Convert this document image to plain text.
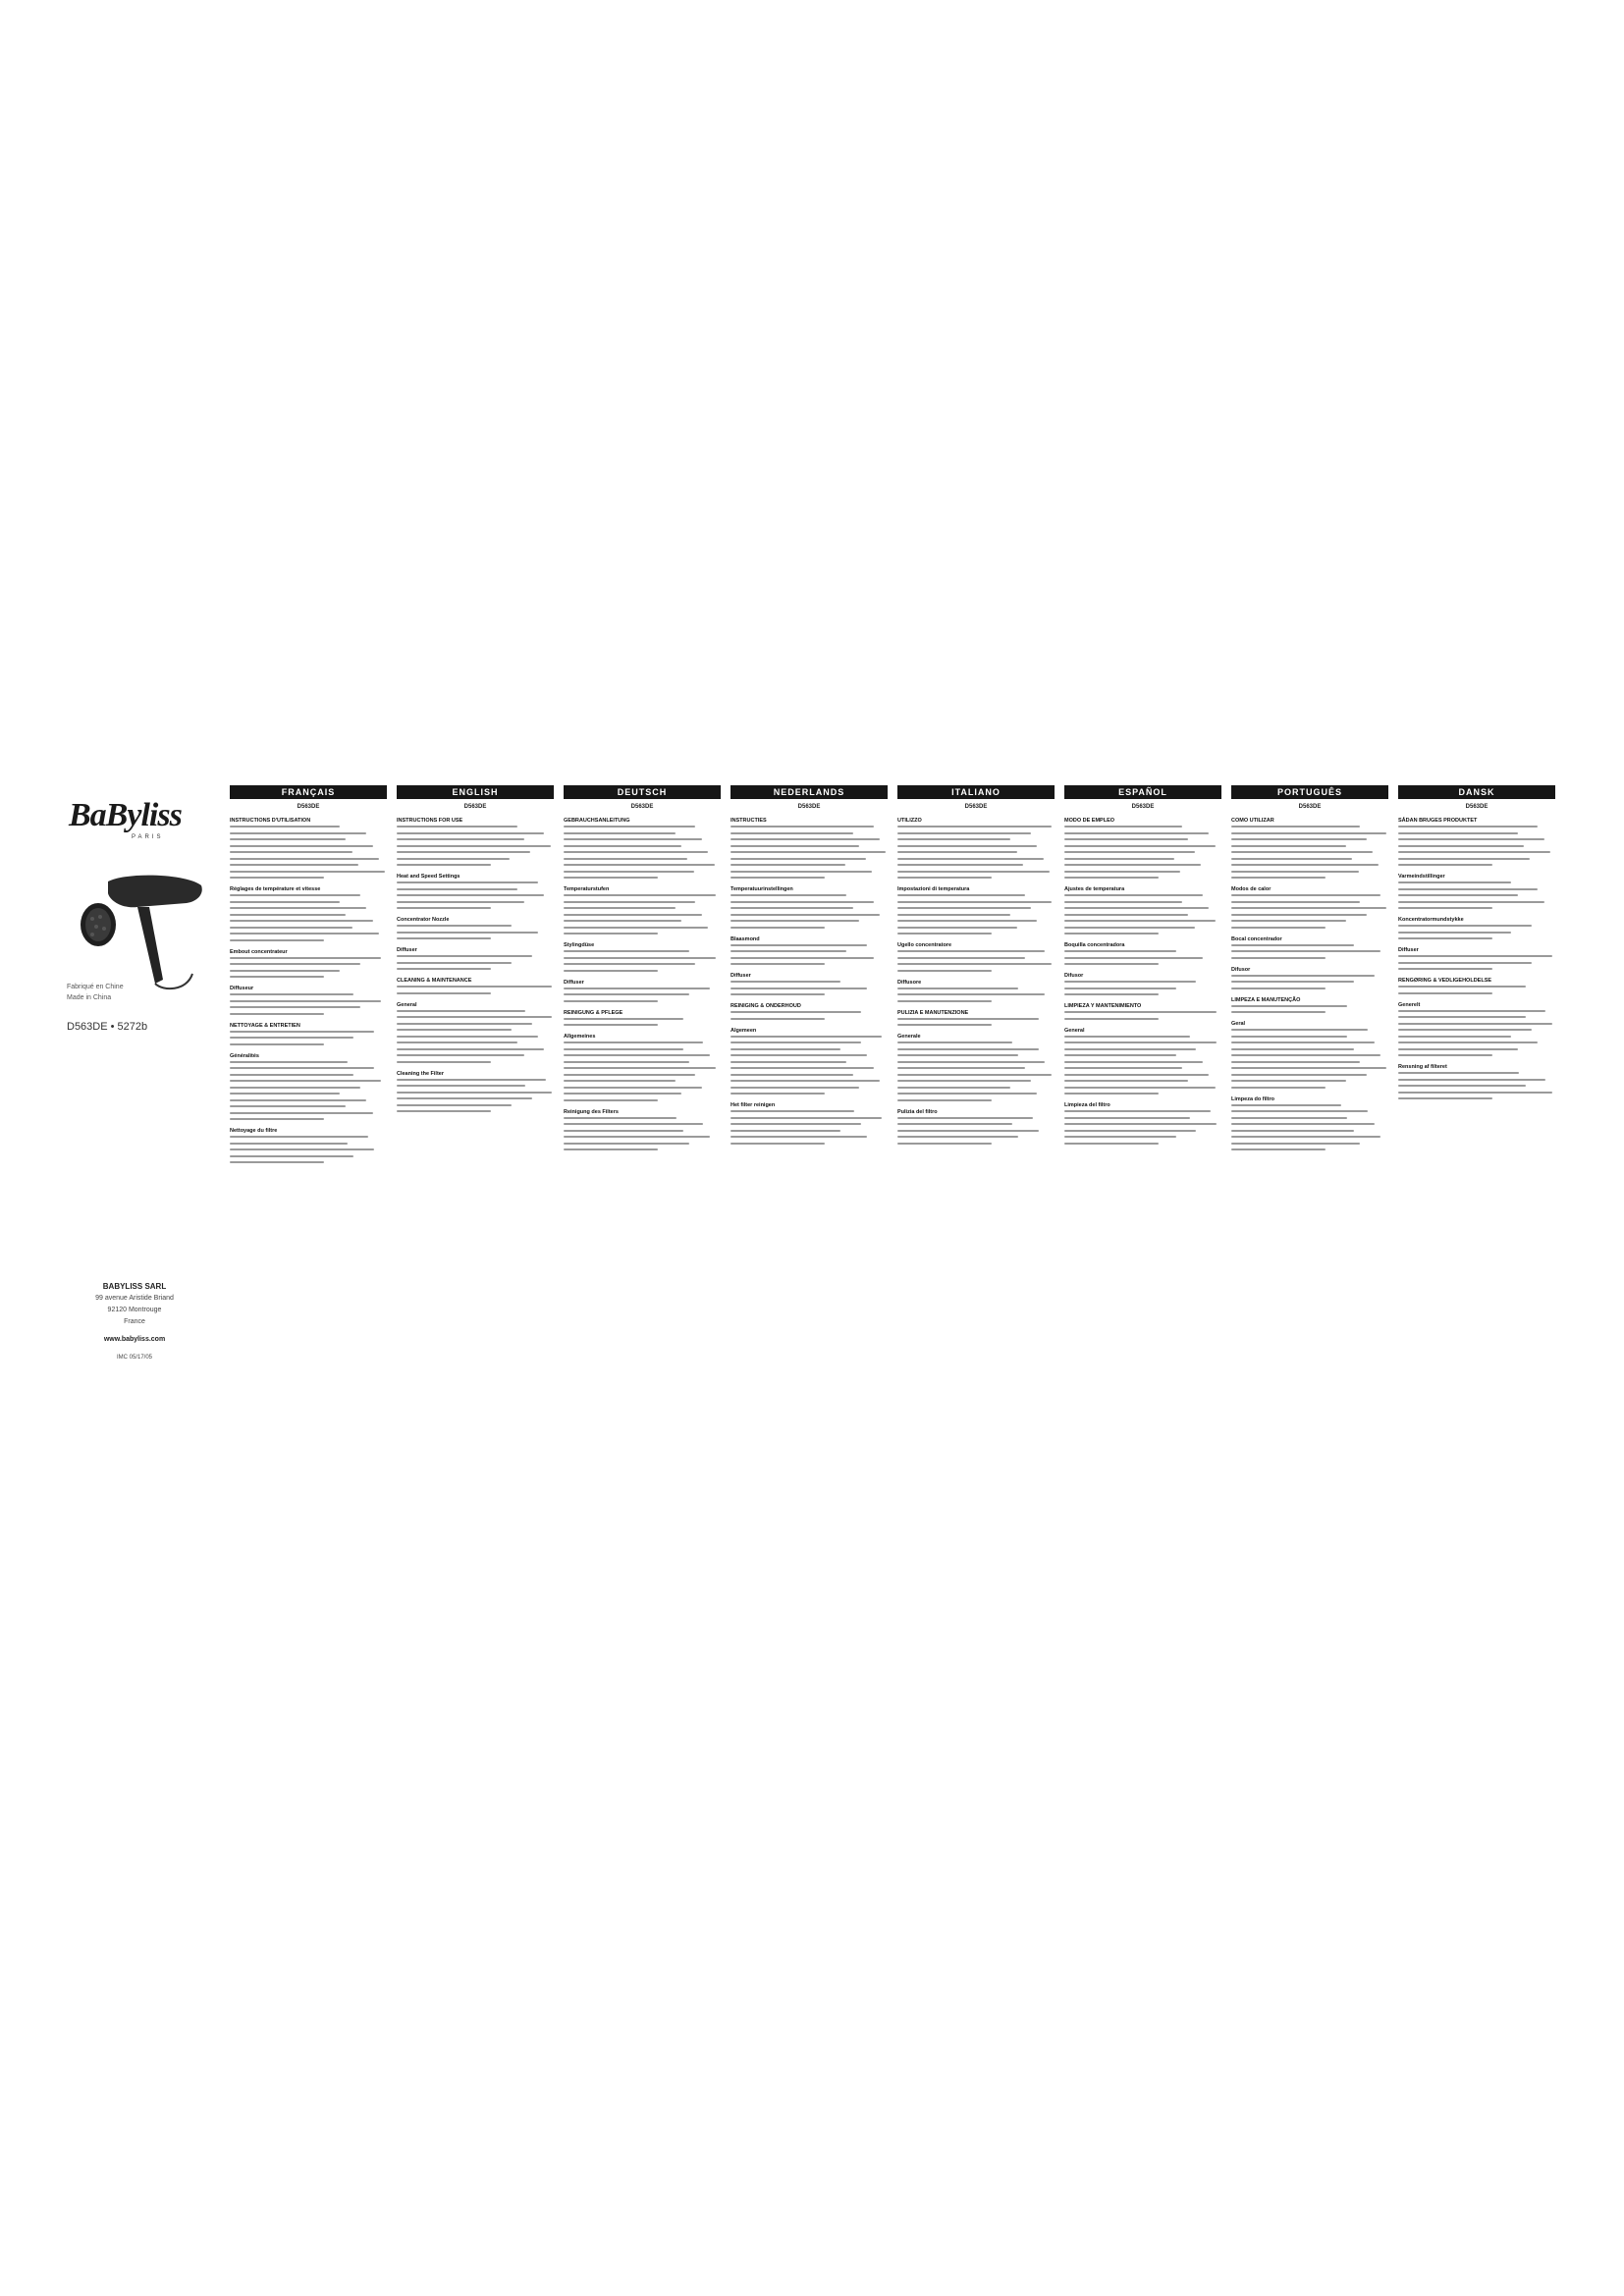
BaByliss
PARIS
Fabriqué en Chine
Made in China
D563DE • 5272b
BABYLISS SARL
99 avenue Aristide Briand
92120 Montrouge
France
www.babyliss.com
IMC 05/17/05
FRANÇAIS
D563DE
INSTRUCTIONS D'UTILISATION
Réglages de température et vitesse
Embout concentrateur
Diffuseur
NETTOYAGE & ENTRETIEN
Généralités
Nettoyage du filtre
ENGLISH
D563DE
INSTRUCTIONS FOR USE
Heat and Speed Settings
Concentrator Nozzle
Diffuser
CLEANING & MAINTENANCE
General
Cleaning the Filter
DEUTSCH
D563DE
GEBRAUCHSANLEITUNG
Temperaturstufen
Stylingdüse
Diffuser
REINIGUNG & PFLEGE
Allgemeines
Reinigung des Filters
NEDERLANDS
D563DE
INSTRUCTIES
Temperatuurinstellingen
Blaasmond
Diffuser
REINIGING & ONDERHOUD
Algemeen
Het filter reinigen
ITALIANO
D563DE
UTILIZZO
Impostazioni di temperatura
Ugello concentratore
Diffusore
PULIZIA E MANUTENZIONE
Generale
Pulizia del filtro
ESPAÑOL
D563DE
MODO DE EMPLEO
Ajustes de temperatura
Boquilla concentradora
Difusor
LIMPIEZA Y MANTENIMIENTO
General
Limpieza del filtro
PORTUGUÊS
D563DE
COMO UTILIZAR
Modos de calor
Bocal concentrador
Difusor
LIMPEZA E MANUTENÇÃO
Geral
Limpeza do filtro
DANSK
D563DE
SÅDAN BRUGES PRODUKTET
Varmeindstillinger
Koncentratormundstykke
Diffuser
RENGØRING & VEDLIGEHOLDELSE
Generelt
Rensning af filteret
